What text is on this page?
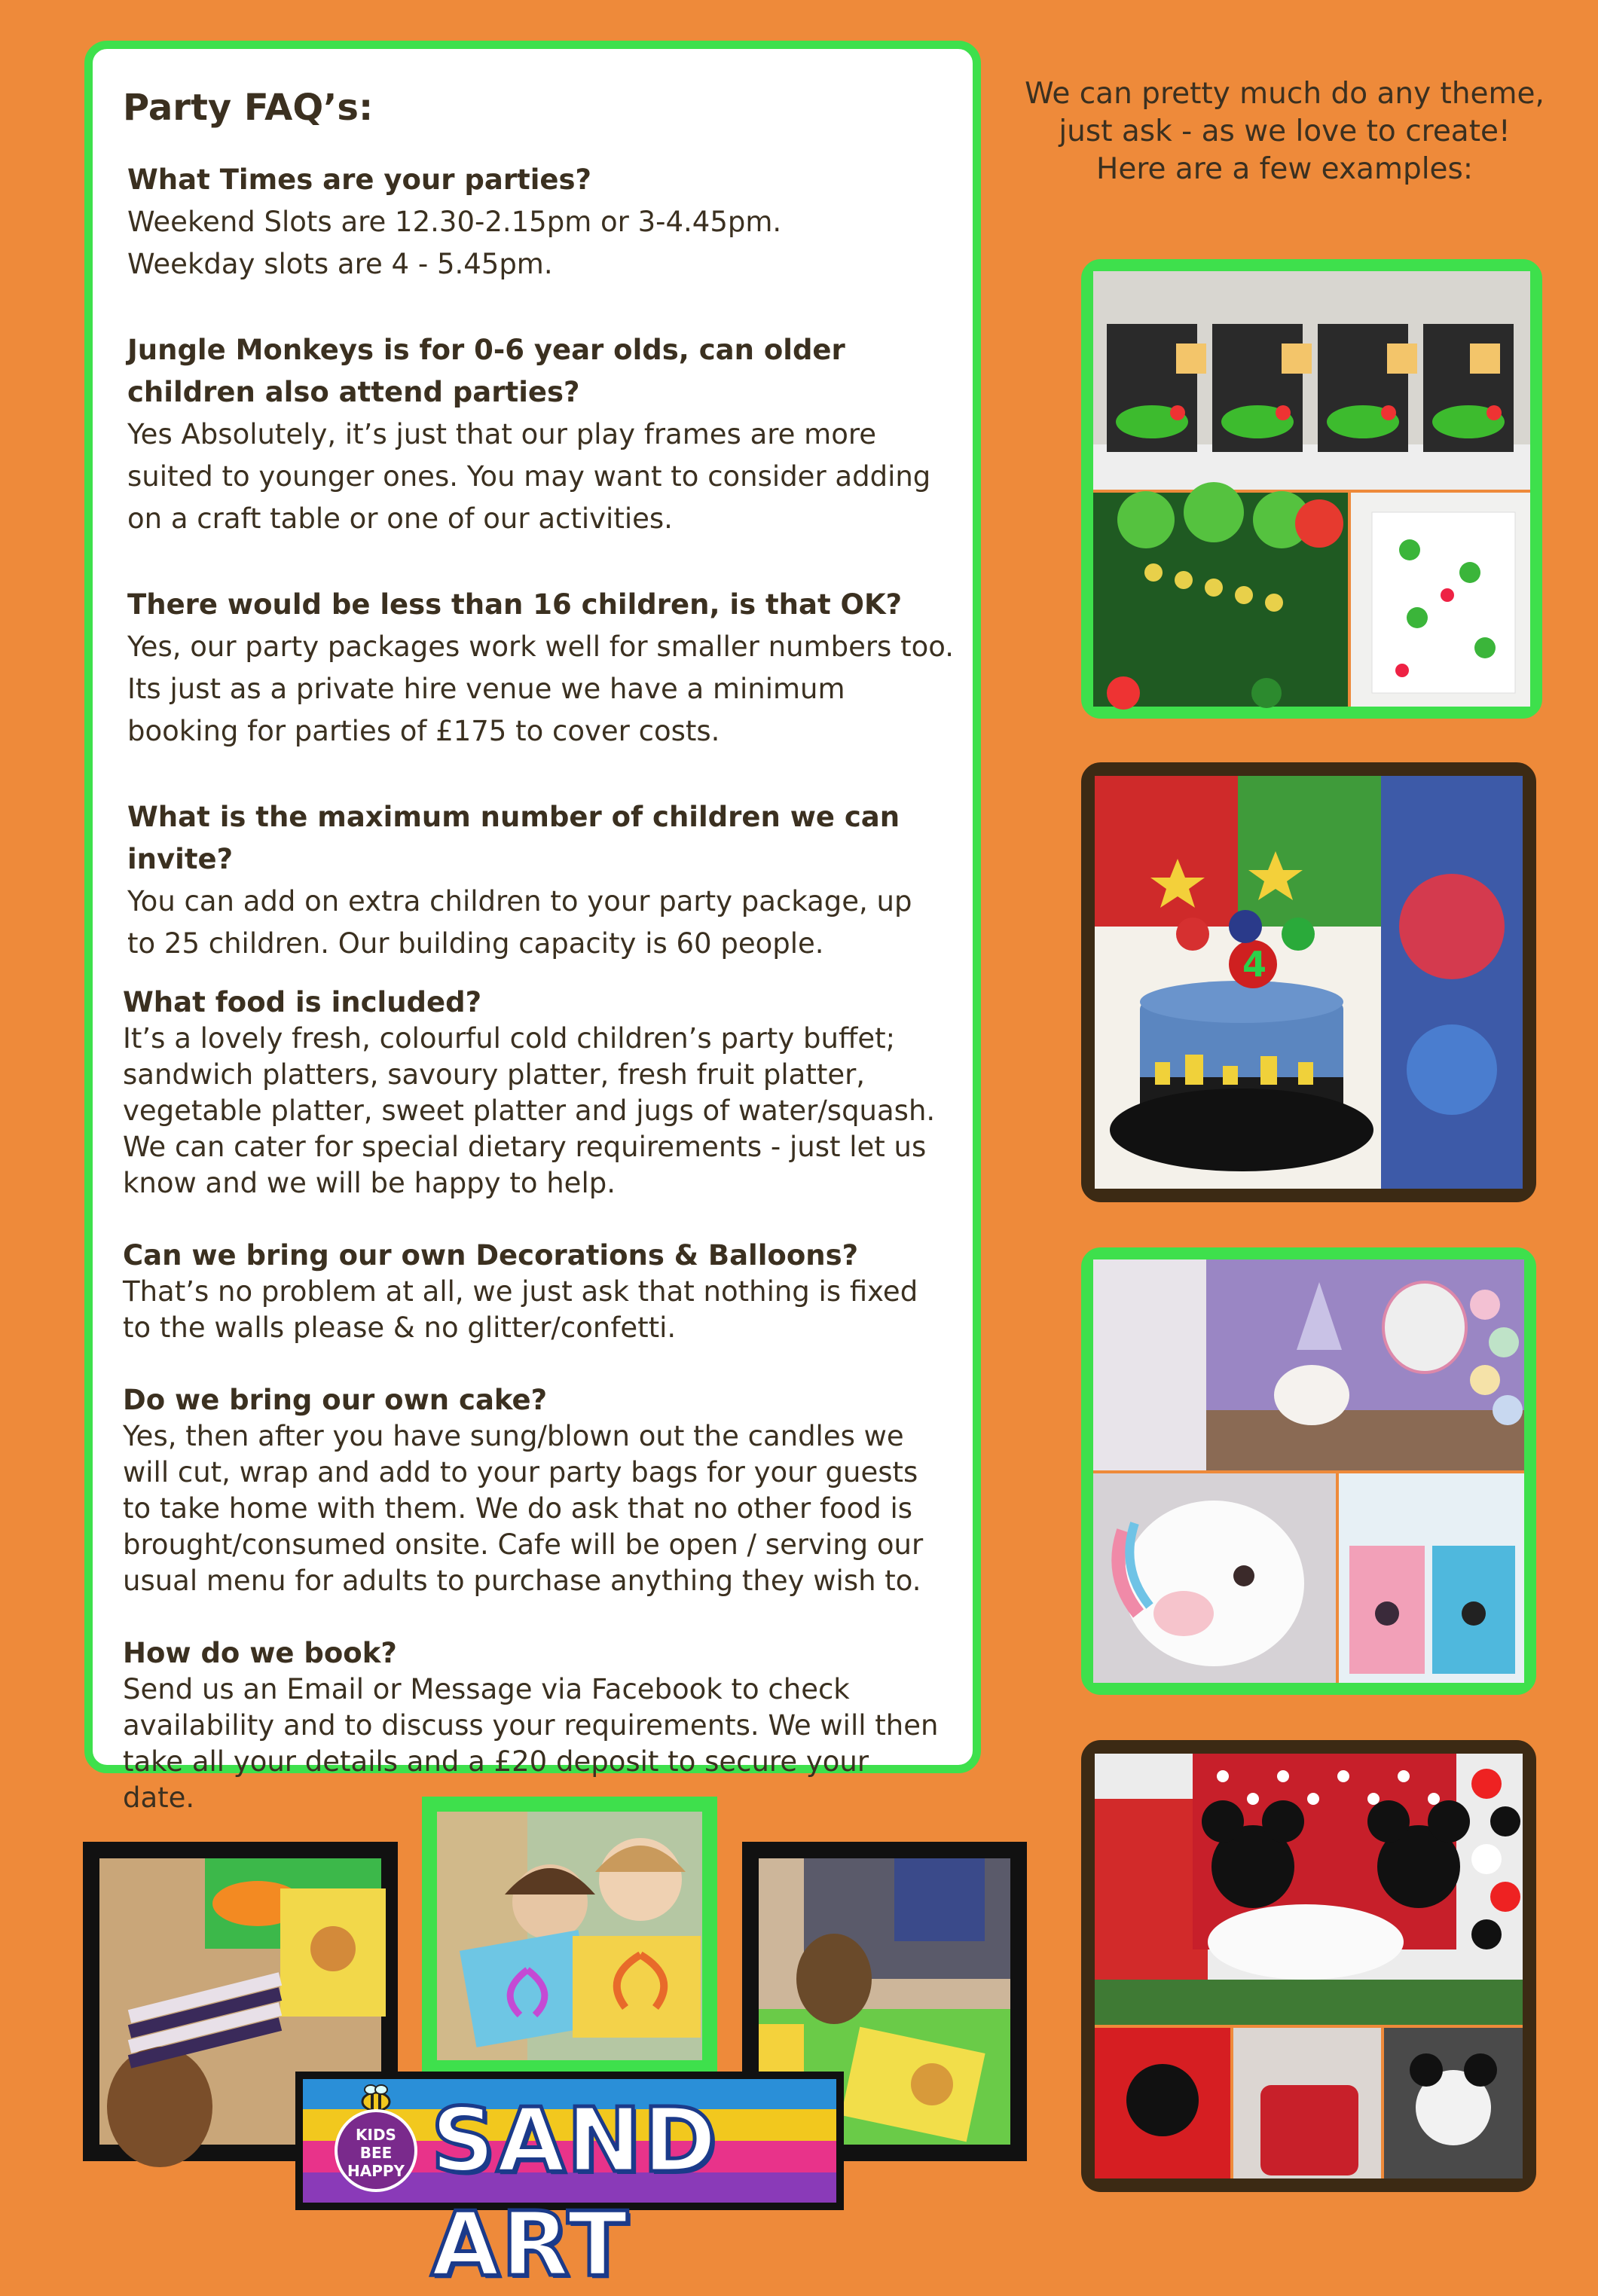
Party FAQ’s:
What Times are your parties?
Weekend Slots are 12.30-2.15pm or 3-4.45pm.
Weekday slots are 4 - 5.45pm.
Jungle Monkeys is for 0-6 year olds, can older children also attend parties?
Yes Absolutely, it’s just that our play frames are more suited to younger ones. You may want to consider adding on a craft table or one of our activities.
There would be less than 16 children, is that OK?
Yes, our party packages work well for smaller numbers too. Its just as a private hire venue we have a minimum booking for parties of £175 to cover costs.
What is the maximum number of children we can invite?
You can add on extra children to your party package, up to 25 children. Our building capacity is 60 people.
What food is included?
It’s a lovely fresh, colourful cold children’s party buffet; sandwich platters, savoury platter, fresh fruit platter, vegetable platter, sweet platter and jugs of water/squash. We can cater for special dietary requirements - just let us know and we will be happy to help.
Can we bring our own Decorations & Balloons?
That’s no problem at all, we just ask that nothing is fixed to the walls please & no glitter/confetti.
Do we bring our own cake?
Yes, then after you have sung/blown out the candles we will cut, wrap and add to your party bags for your guests to take home with them. We do ask that no other food is brought/consumed onsite. Cafe will be open / serving our usual menu for adults to purchase anything they wish to.
How do we book?
Send us an Email or Message via Facebook to check availability and to discuss your requirements. We will then take all your details and a £20 deposit to secure your date.
We can pretty much do any theme,
just ask - as we love to create!
Here are a few examples:
4
KIDS
BEE
HAPPY SAND ART
